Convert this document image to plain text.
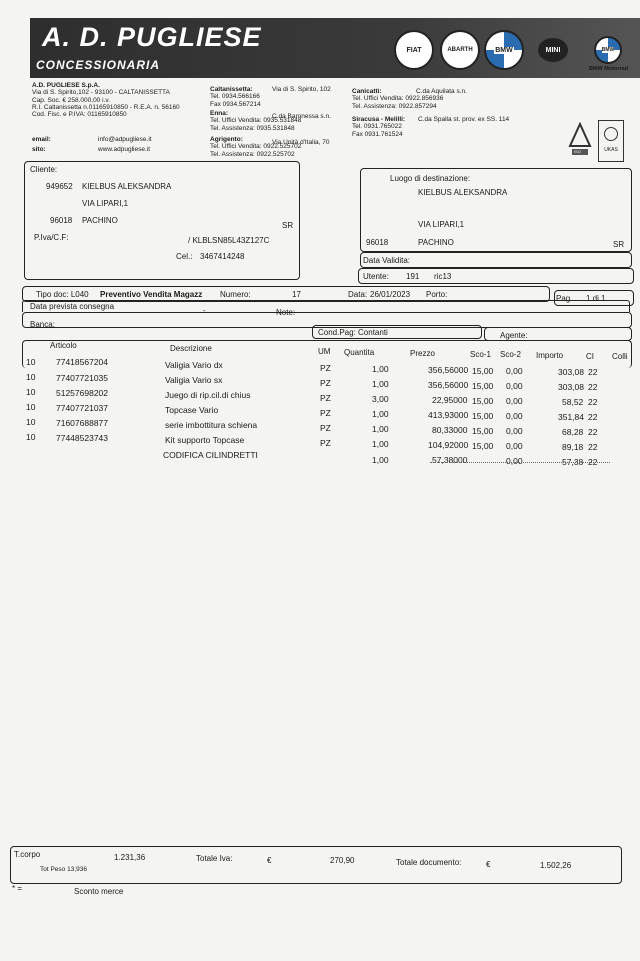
A. D. PUGLIESE
CONCESSIONARIA
FIAT	ABARTH	BMW	MINI	BMW
BMW Motorrad
A.D. PUGLIESE S.p.A.
Via di S. Spirito,102 - 93100 - CALTANISSETTA
Cap. Soc. € 258.000,00 i.v.
R.I. Caltanissetta n.01165910850 - R.E.A. n. 56160
Cod. Fisc. e P.IVA: 01165910850
email:	info@adpugliese.it
sito:	www.adpugliese.it
Caltanissetta:
Tel. 0934.566166
Fax 0934.567214
Via di S. Spirito, 102
Enna:
Tel. Uffici Vendita: 0935.531848
Tel. Assistenza: 0935.531848
C.da Baronessa s.n.
Agrigento:
Tel. Uffici Vendita: 0922.525702
Tel. Assistenza: 0922.525702
Via Unità d'Italia, 70
Canicattì:
Tel. Uffici Vendita: 0922.856936
Tel. Assistenza: 0922.857294
C.da Aquilata s.n.
Siracusa - Melilli:
Tel. 0931.765022
Fax 0931.761524
C.da Spalla st. prov. ex SS. 114
ISO	UKAS
Cliente:
949652 KIELBUS ALEKSANDRA
VIA LIPARI,1
96018 PACHINO
SR
P.Iva/C.F:	/ KLBLSN85L43Z127C
Cel.: 3467414248
Luogo di destinazione:
KIELBUS ALEKSANDRA
VIA LIPARI,1
96018	PACHINO	SR
Data Validita:
Utente: 191 ric13
Tipo doc: L040 Preventivo Vendita Magazz Numero:	17	Data: 26/01/2023 Porto:	Pag 1 di 1
Data prevista consegna	-	Note:
Banca:
Cond.Pag: Contanti	Agente:
Articolo	Descrizione	UM Quantita	Prezzo	Sco-1 Sco-2 Importo	CI Colli
10 77418567204	Valigia Vario dx	PZ	1,00	356,56000 15,00 0,00	303,08 22
10 77407721035	Valigia Vario sx	PZ	1,00	356,56000 15,00 0,00	303,08 22
10 51257698202	Juego di rip.cil.di chius	PZ	3,00	22,95000 15,00 0,00	58,52 22
10 77407721037	Topcase Vario	PZ	1,00	413,93000 15,00 0,00	351,84 22
10 71607688877	serie imbottitura schiena	PZ	1,00	80,33000 15,00 0,00	68,28 22
10 77448523743	Kit supporto Topcase	PZ	1,00	104,92000 15,00 0,00	89,18 22
CODIFICA CILINDRETTI	1,00	57,38000	0,00	57,38 22
T.corpo	1.231,36
Tot Peso 13,936
Totale Iva:	€	270,90	Totale documento:	€	1.502,26
* =	Sconto merce
